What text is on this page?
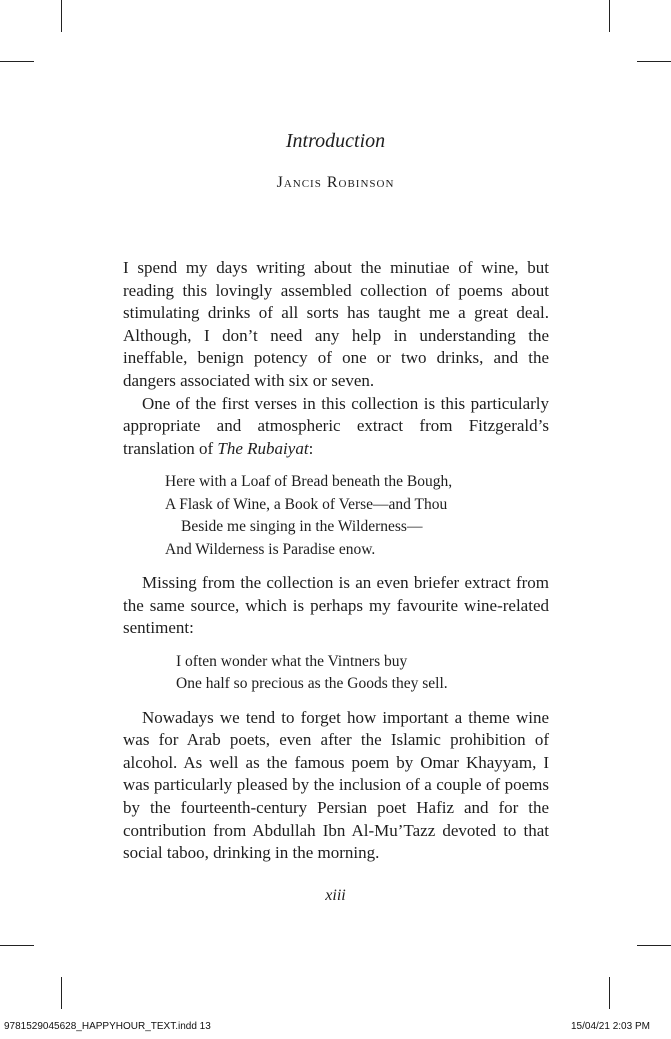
Introduction
Jancis Robinson

I spend my days writing about the minutiae of wine, but reading this lovingly assembled collection of poems about stimulating drinks of all sorts has taught me a great deal. Although, I don’t need any help in understanding the ineffable, benign potency of one or two drinks, and the dangers associated with six or seven.

One of the first verses in this collection is this particularly appropriate and atmospheric extract from Fitzgerald’s translation of The Rubaiyat:

Here with a Loaf of Bread beneath the Bough,
A Flask of Wine, a Book of Verse—and Thou
Beside me singing in the Wilderness—
And Wilderness is Paradise enow.

Missing from the collection is an even briefer extract from the same source, which is perhaps my favourite wine-related sentiment:

I often wonder what the Vintners buy
One half so precious as the Goods they sell.

Nowadays we tend to forget how important a theme wine was for Arab poets, even after the Islamic prohibition of alcohol. As well as the famous poem by Omar Khayyam, I was particularly pleased by the inclusion of a couple of poems by the fourteenth-century Persian poet Hafiz and for the contribution from Abdullah Ibn Al-Mu’Tazz devoted to that social taboo, drinking in the morning.

xiii
9781529045628_HAPPYHOUR_TEXT.indd 13	15/04/21 2:03 PM
